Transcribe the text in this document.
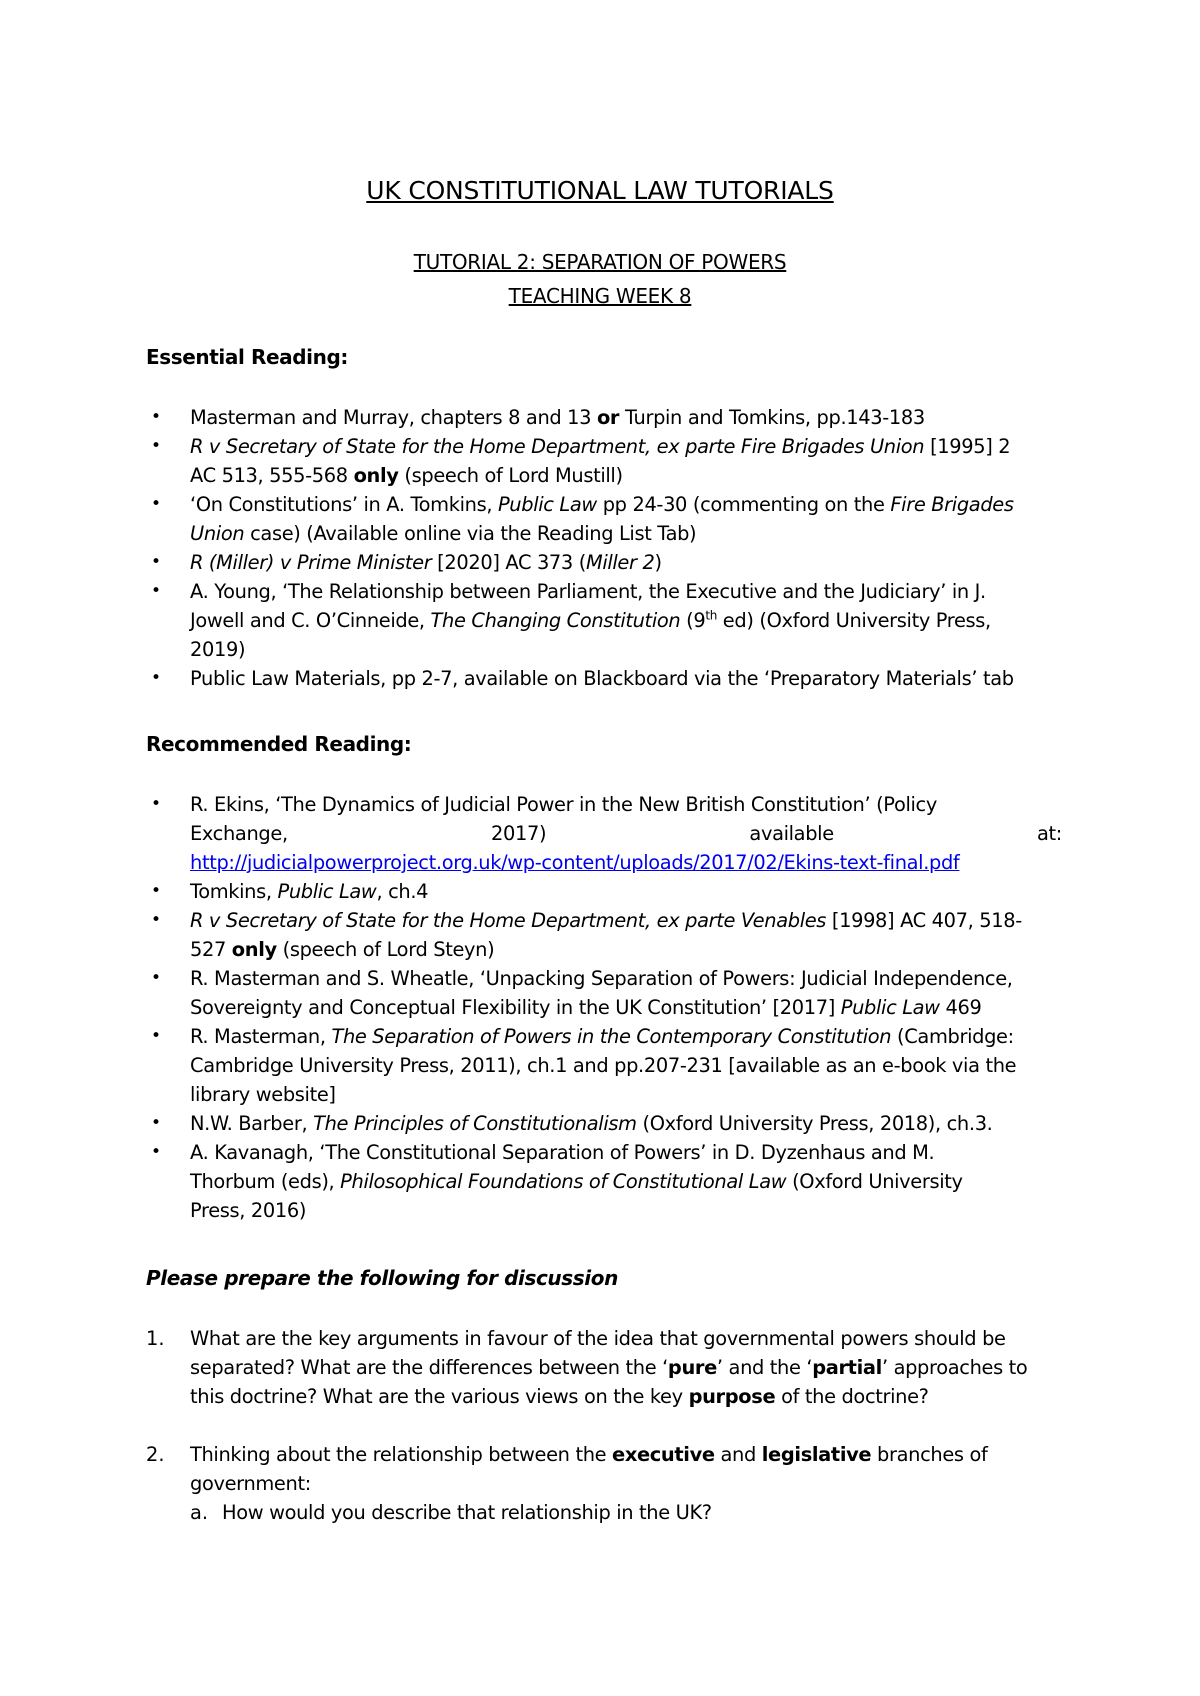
UK CONSTITUTIONAL LAW TUTORIALS
TUTORIAL 2: SEPARATION OF POWERS
TEACHING WEEK 8
Essential Reading:
• Masterman and Murray, chapters 8 and 13 or Turpin and Tomkins, pp.143-183
• R v Secretary of State for the Home Department, ex parte Fire Brigades Union [1995] 2
AC 513, 555-568 only (speech of Lord Mustill)
• ‘On Constitutions’ in A. Tomkins, Public Law pp 24-30 (commenting on the Fire Brigades
Union case) (Available online via the Reading List Tab)
• R (Miller) v Prime Minister [2020] AC 373 (Miller 2)
• A. Young, ‘The Relationship between Parliament, the Executive and the Judiciary’ in J.
Jowell and C. O’Cinneide, The Changing Constitution (9th ed) (Oxford University Press,
2019)
• Public Law Materials, pp 2-7, available on Blackboard via the ‘Preparatory Materials’ tab
Recommended Reading:
• R. Ekins, ‘The Dynamics of Judicial Power in the New British Constitution’ (Policy
Exchange,	2017)	available	at:
http://judicialpowerproject.org.uk/wp-content/uploads/2017/02/Ekins-text-final.pdf
• Tomkins, Public Law, ch.4
• R v Secretary of State for the Home Department, ex parte Venables [1998] AC 407, 518-
527 only (speech of Lord Steyn)
• R. Masterman and S. Wheatle, ‘Unpacking Separation of Powers: Judicial Independence,
Sovereignty and Conceptual Flexibility in the UK Constitution’ [2017] Public Law 469
• R. Masterman, The Separation of Powers in the Contemporary Constitution (Cambridge:
Cambridge University Press, 2011), ch.1 and pp.207-231 [available as an e-book via the
library website]
• N.W. Barber, The Principles of Constitutionalism (Oxford University Press, 2018), ch.3.
• A. Kavanagh, ‘The Constitutional Separation of Powers’ in D. Dyzenhaus and M.
Thorbum (eds), Philosophical Foundations of Constitutional Law (Oxford University
Press, 2016)
Please prepare the following for discussion
1. What are the key arguments in favour of the idea that governmental powers should be
separated? What are the differences between the ‘pure’ and the ‘partial’ approaches to
this doctrine? What are the various views on the key purpose of the doctrine?
2. Thinking about the relationship between the executive and legislative branches of
government:
a. How would you describe that relationship in the UK?
